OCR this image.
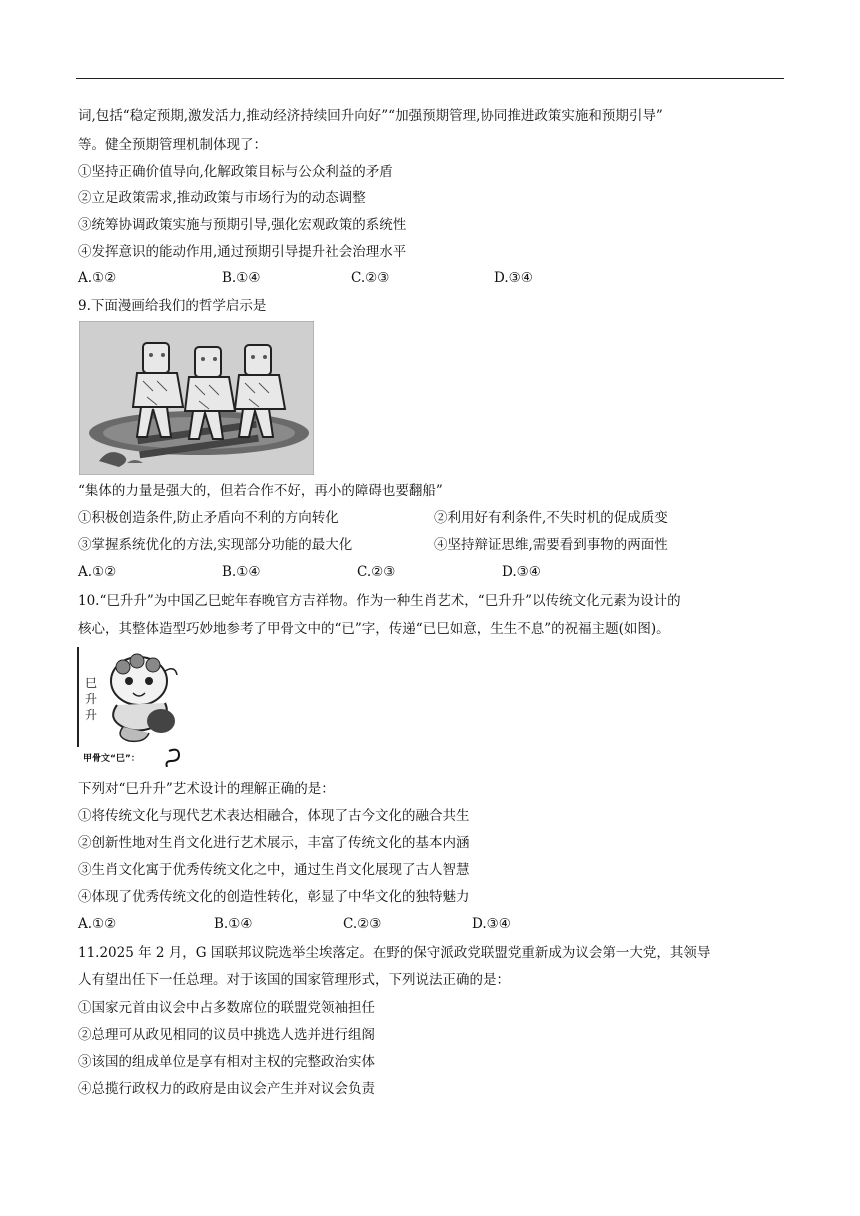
词,包括“稳定预期,激发活力,推动经济持续回升向好”“加强预期管理,协同推进政策实施和预期引导”
等。健全预期管理机制体现了：
①坚持正确价值导向,化解政策目标与公众利益的矛盾
②立足政策需求,推动政策与市场行为的动态调整
③统筹协调政策实施与预期引导,强化宏观政策的系统性
④发挥意识的能动作用,通过预期引导提升社会治理水平
A.①②	B.①④	C.②③	D.③④
9.下面漫画给我们的哲学启示是
“集体的力量是强大的，但若合作不好，再小的障碍也要翻船”
①积极创造条件,防止矛盾向不利的方向转化	②利用好有利条件,不失时机的促成质变
③掌握系统优化的方法,实现部分功能的最大化	④坚持辩证思维,需要看到事物的两面性
A.①②	B.①④	C.②③	D.③④
10.“巳升升”为中国乙巳蛇年春晚官方吉祥物。作为一种生肖艺术，“巳升升”以传统文化元素为设计的
核心，其整体造型巧妙地参考了甲骨文中的“已”字，传递“已巳如意，生生不息”的祝福主题(如图)。
巳
升
升
甲骨文“巳”：
下列对“巳升升”艺术设计的理解正确的是：
①将传统文化与现代艺术表达相融合，体现了古今文化的融合共生
②创新性地对生肖文化进行艺术展示，丰富了传统文化的基本内涵
③生肖文化寓于优秀传统文化之中，通过生肖文化展现了古人智慧
④体现了优秀传统文化的创造性转化，彰显了中华文化的独特魅力
A.①②	B.①④	C.②③	D.③④
11.2025 年 2 月，G 国联邦议院选举尘埃落定。在野的保守派政党联盟党重新成为议会第一大党，其领导
人有望出任下一任总理。对于该国的国家管理形式，下列说法正确的是：
①国家元首由议会中占多数席位的联盟党领袖担任
②总理可从政见相同的议员中挑选人选并进行组阁
③该国的组成单位是享有相对主权的完整政治实体
④总揽行政权力的政府是由议会产生并对议会负责
